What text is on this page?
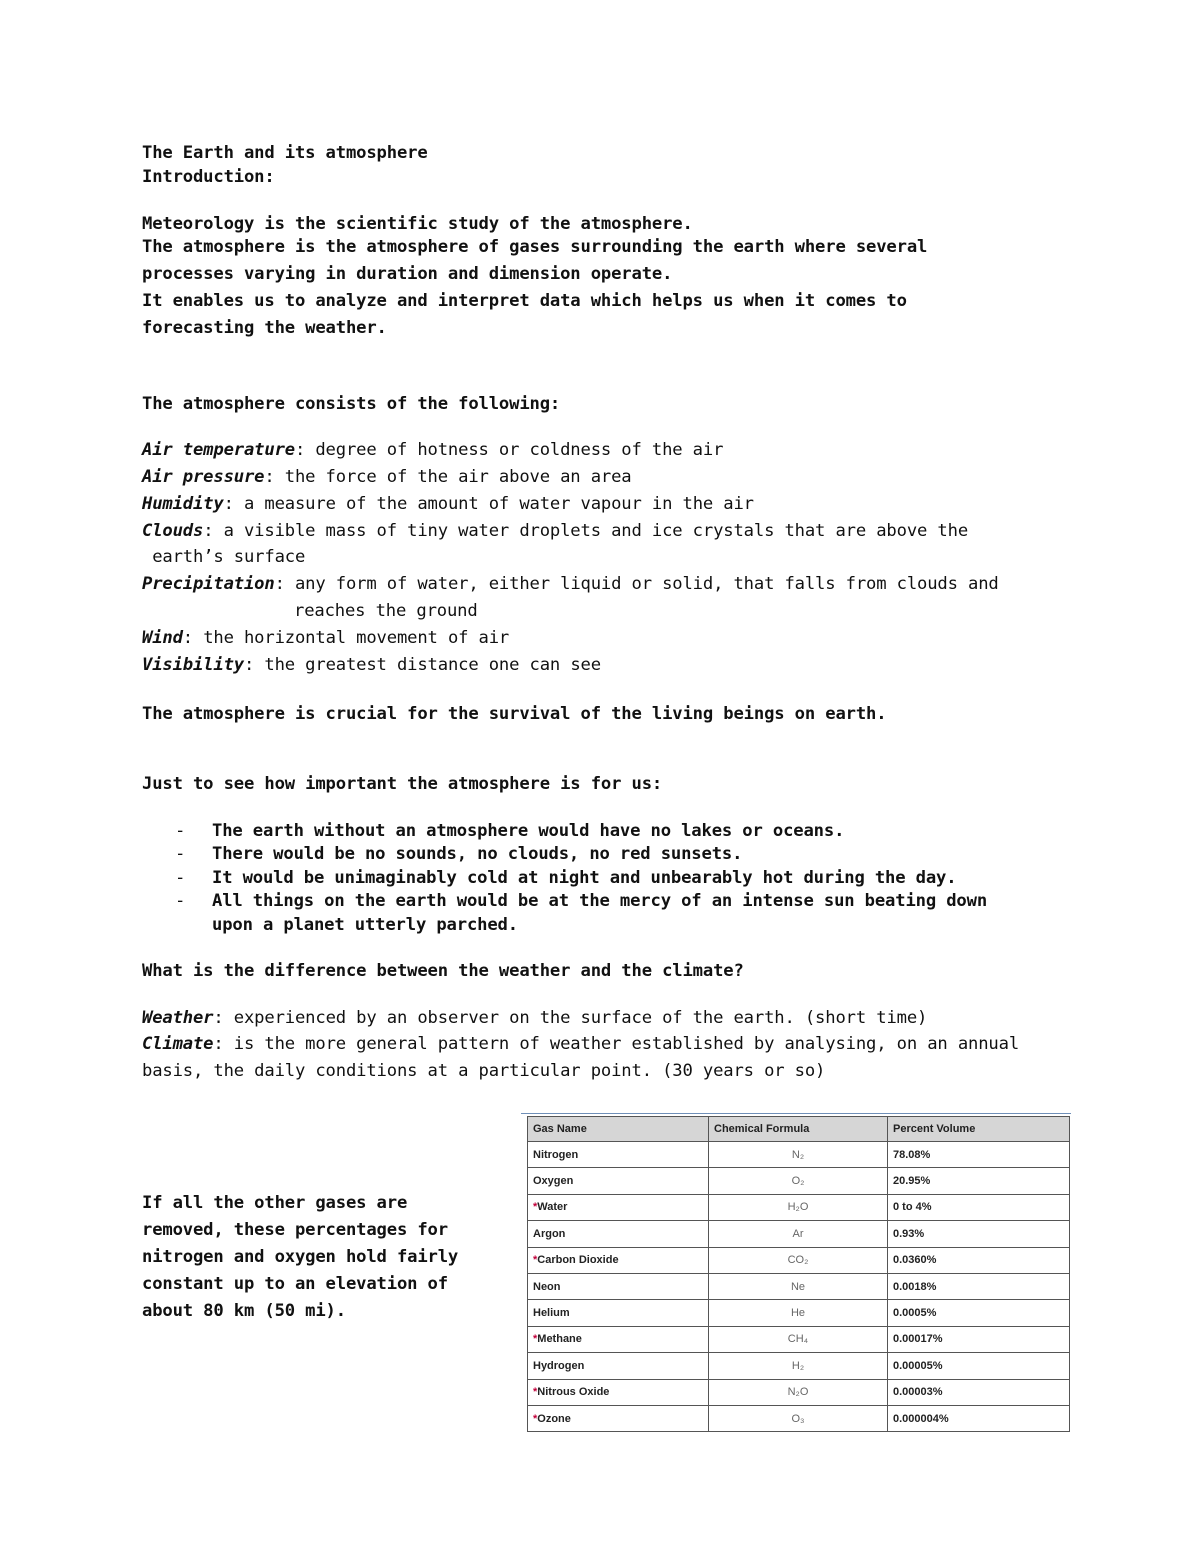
The Earth and its atmosphere
Introduction:
Meteorology is the scientific study of the atmosphere.
The atmosphere is the atmosphere of gases surrounding the earth where several
processes varying in duration and dimension operate.
It enables us to analyze and interpret data which helps us when it comes to
forecasting the weather.
The atmosphere consists of the following:
Air temperature: degree of hotness or coldness of the air
Air pressure: the force of the air above an area
Humidity: a measure of the amount of water vapour in the air
Clouds: a visible mass of tiny water droplets and ice crystals that are above the
earth’s surface
Precipitation: any form of water, either liquid or solid, that falls from clouds and
reaches the ground
Wind: the horizontal movement of air
Visibility: the greatest distance one can see
The atmosphere is crucial for the survival of the living beings on earth.
Just to see how important the atmosphere is for us:
- The earth without an atmosphere would have no lakes or oceans.
- There would be no sounds, no clouds, no red sunsets.
- It would be unimaginably cold at night and unbearably hot during the day.
- All things on the earth would be at the mercy of an intense sun beating down
upon a planet utterly parched.
What is the difference between the weather and the climate?
Weather: experienced by an observer on the surface of the earth. (short time)
Climate: is the more general pattern of weather established by analysing, on an annual
basis, the daily conditions at a particular point. (30 years or so)
If all the other gases are
removed, these percentages for
nitrogen and oxygen hold fairly
constant up to an elevation of
about 80 km (50 mi).
Gas Name	Chemical Formula	Percent Volume
Nitrogen	N₂	78.08%
Oxygen	O₂	20.95%
*Water	H₂O	0 to 4%
Argon	Ar	0.93%
*Carbon Dioxide	CO₂	0.0360%
Neon	Ne	0.0018%
Helium	He	0.0005%
*Methane	CH₄	0.00017%
Hydrogen	H₂	0.00005%
*Nitrous Oxide	N₂O	0.00003%
*Ozone	O₃	0.000004%
